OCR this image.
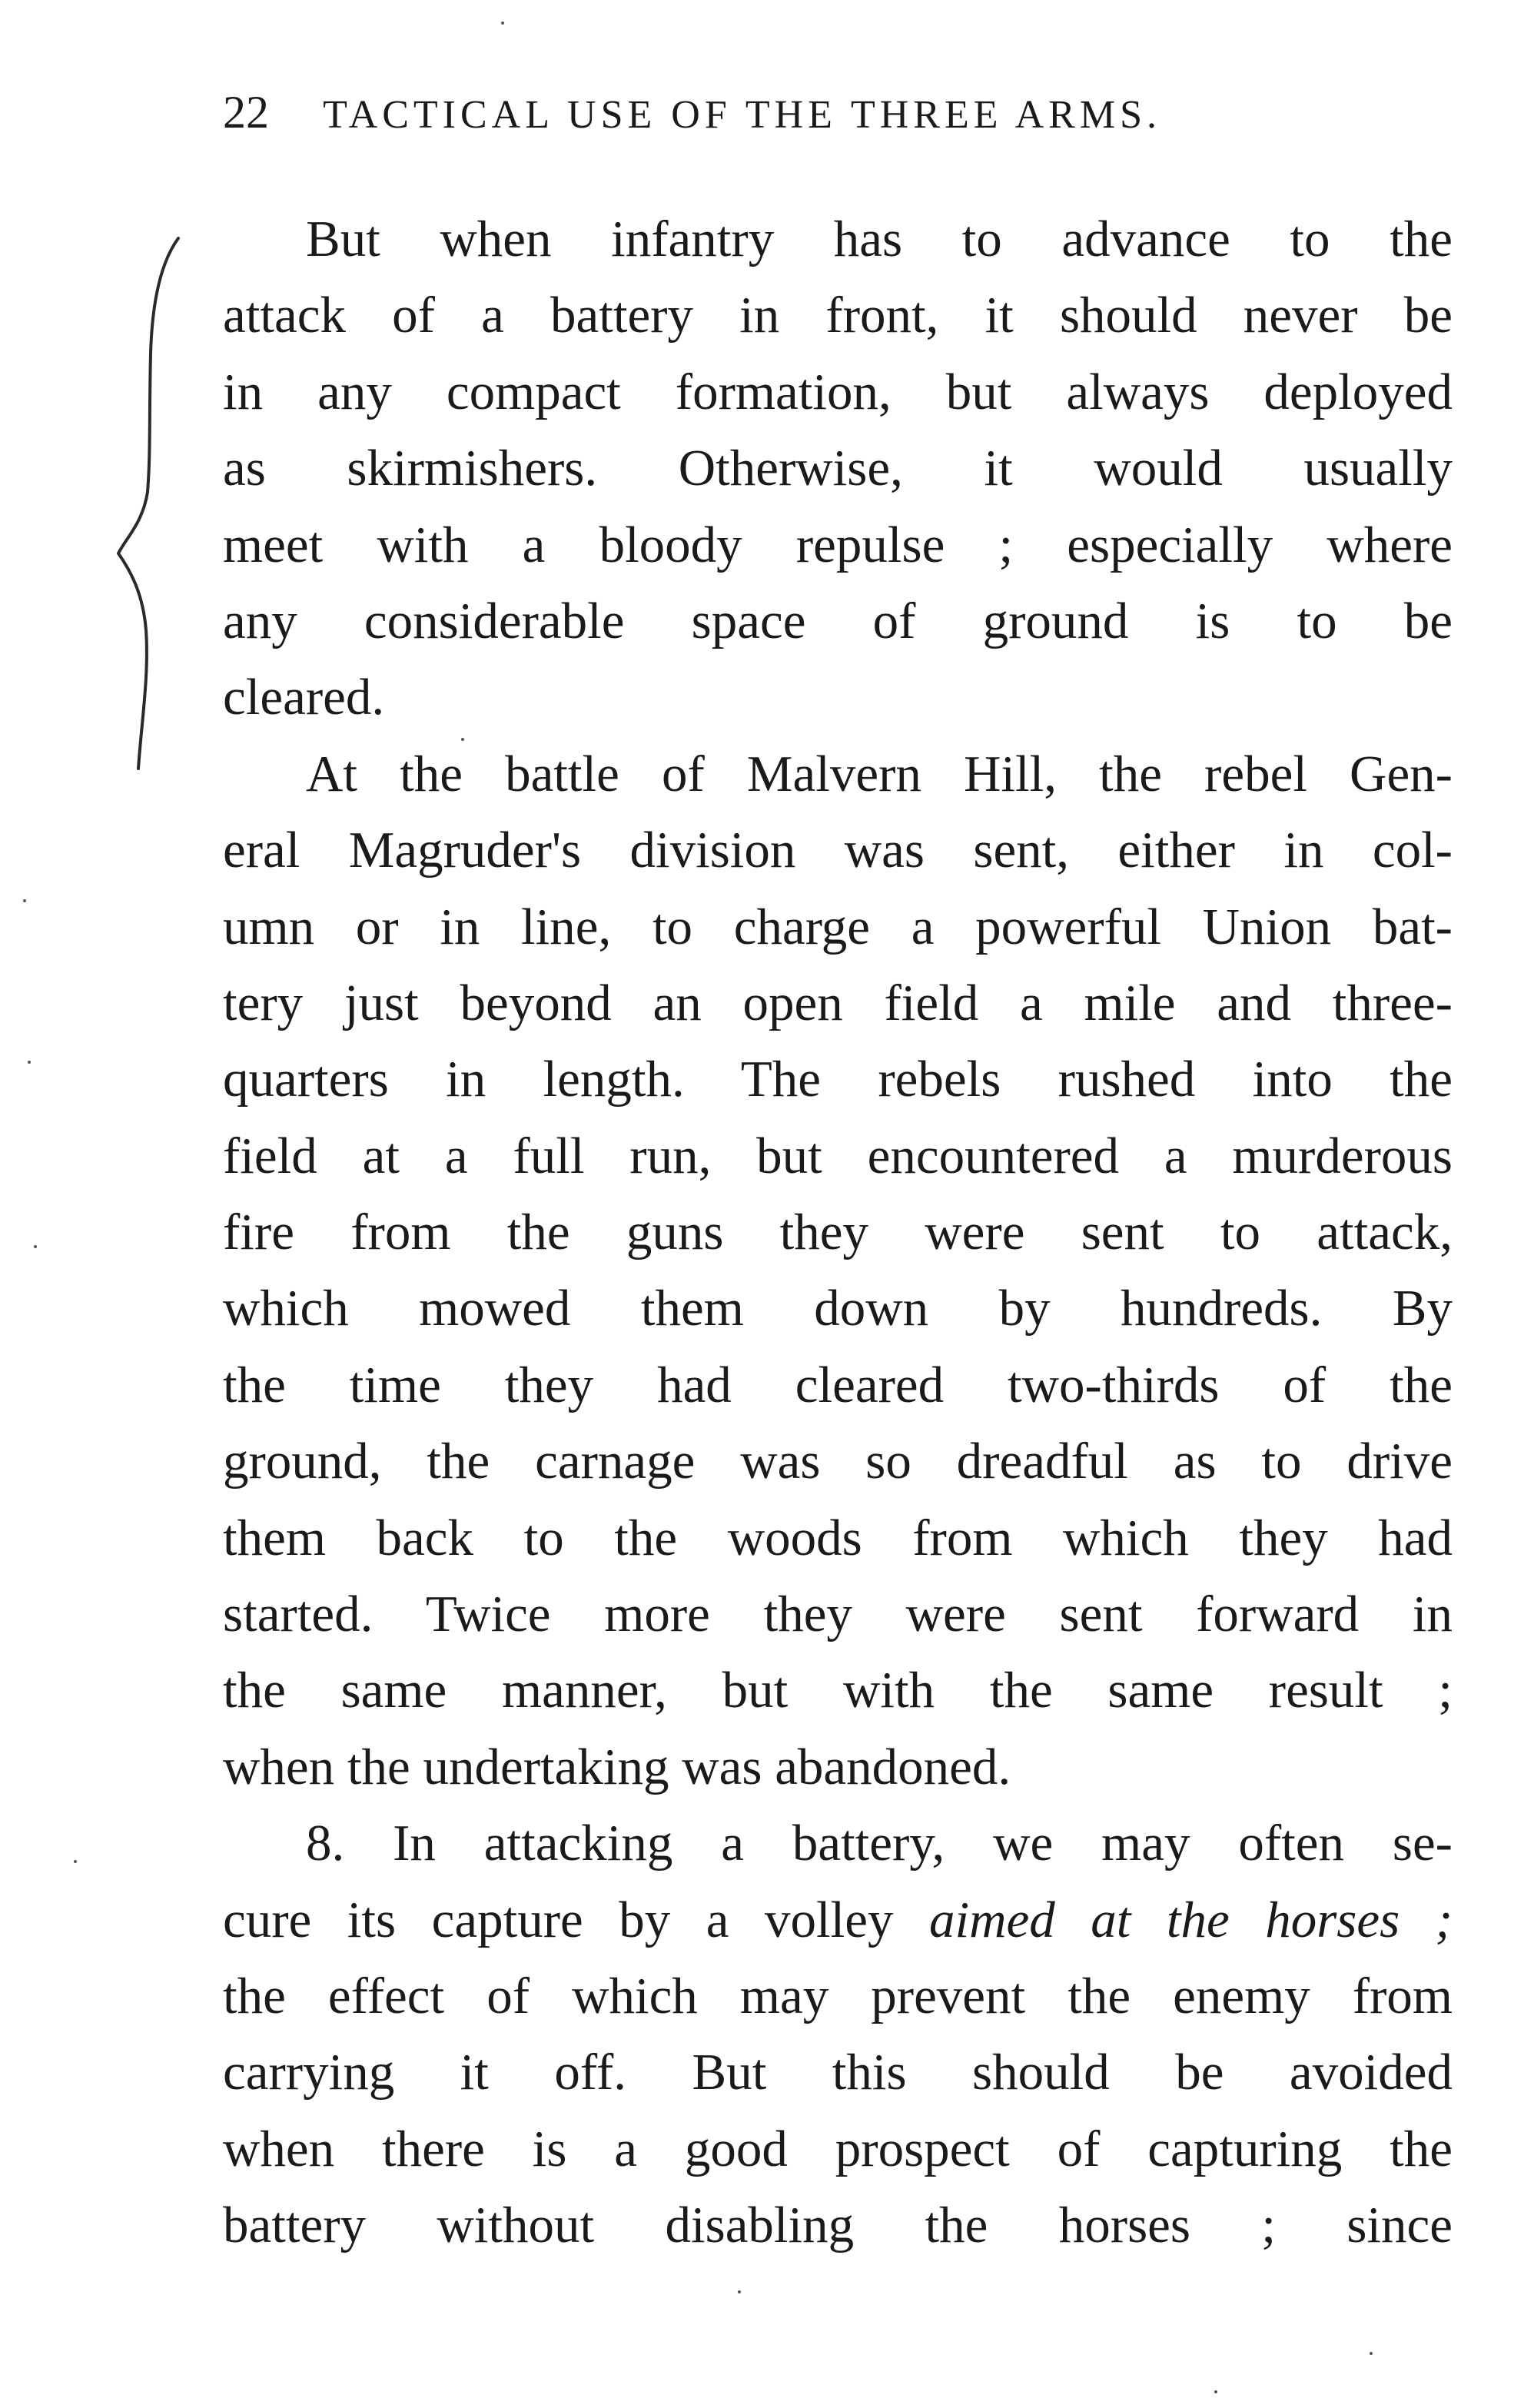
22 TACTICAL USE OF THE THREE ARMS.
But when infantry has to advance to the
attack of a battery in front, it should never be
in any compact formation, but always deployed
as skirmishers. Otherwise, it would usually
meet with a bloody repulse ; especially where
any considerable space of ground is to be
cleared.
At the battle of Malvern Hill, the rebel Gen-
eral Magruder's division was sent, either in col-
umn or in line, to charge a powerful Union bat-
tery just beyond an open field a mile and three-
quarters in length. The rebels rushed into the
field at a full run, but encountered a murderous
fire from the guns they were sent to attack,
which mowed them down by hundreds. By
the time they had cleared two-thirds of the
ground, the carnage was so dreadful as to drive
them back to the woods from which they had
started. Twice more they were sent forward in
the same manner, but with the same result ;
when the undertaking was abandoned.
8. In attacking a battery, we may often se-
cure its capture by a volley aimed at the horses ;
the effect of which may prevent the enemy from
carrying it off. But this should be avoided
when there is a good prospect of capturing the
battery without disabling the horses ; since
